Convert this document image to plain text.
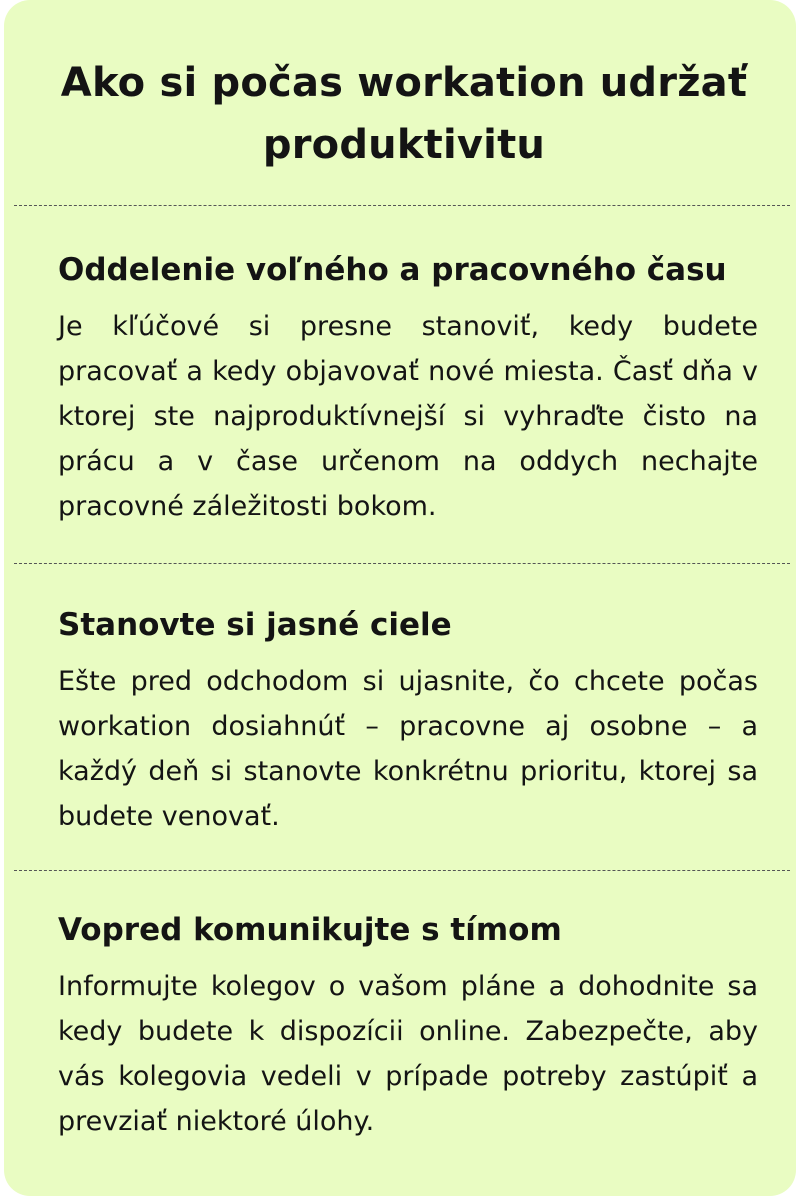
Ako si počas workation udržať produktivitu
Oddelenie voľného a pracovného času

Je kľúčové si presne stanoviť, kedy budete pracovať a kedy objavovať nové miesta. Časť dňa v ktorej ste najproduktívnejší si vyhraďte čisto na prácu a v čase určenom na oddych nechajte pracovné záležitosti bokom.

Stanovte si jasné ciele

Ešte pred odchodom si ujasnite, čo chcete počas workation dosiahnúť – pracovne aj osobne – a každý deň si stanovte konkrétnu prioritu, ktorej sa budete venovať.

Vopred komunikujte s tímom

Informujte kolegov o vašom pláne a dohodnite sa kedy budete k dispozícii online. Zabezpečte, aby vás kolegovia vedeli v prípade potreby zastúpiť a prevziať niektoré úlohy.
